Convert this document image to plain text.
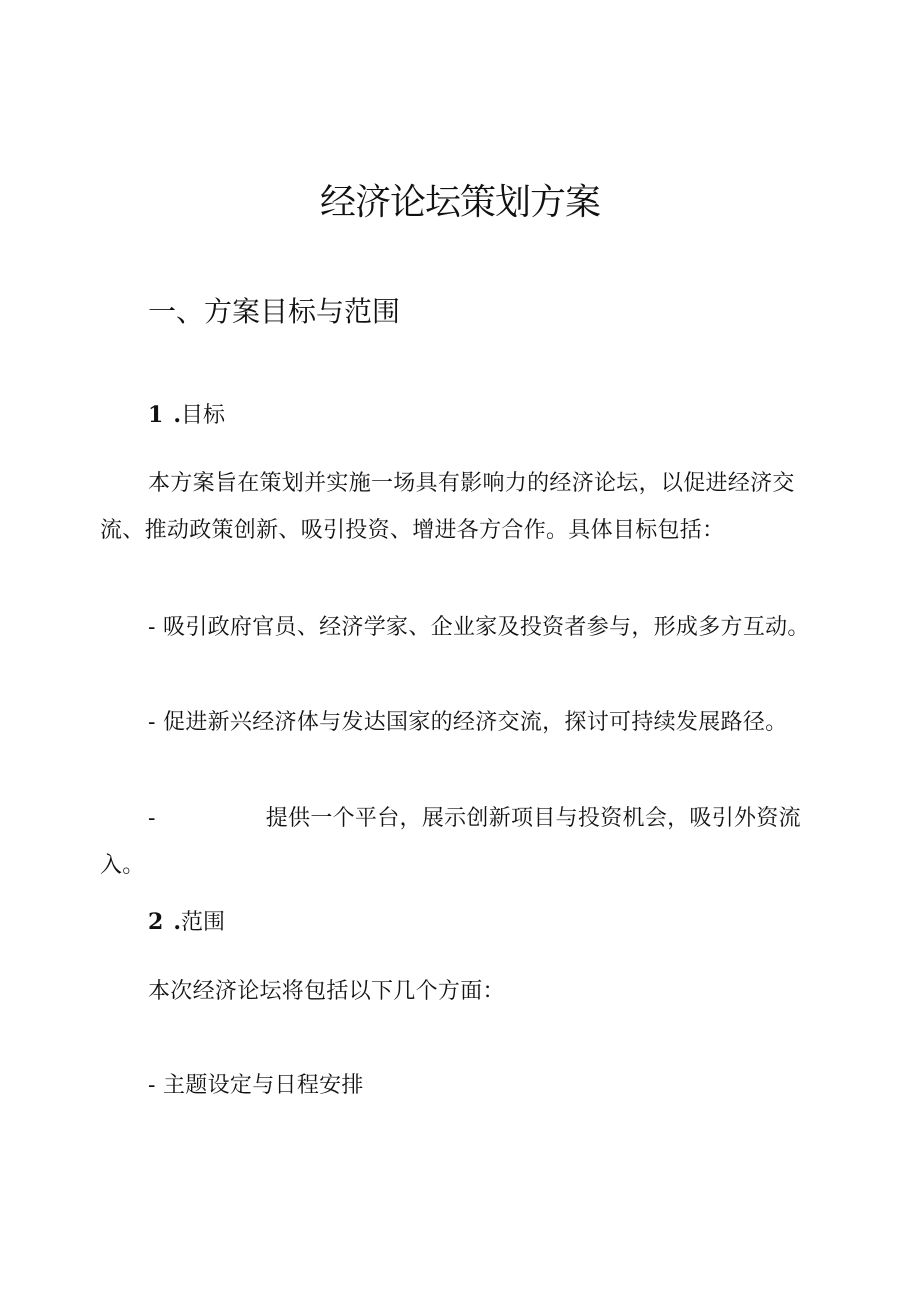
经济论坛策划方案
一、方案目标与范围
1 .目标
本方案旨在策划并实施一场具有影响力的经济论坛，以促进经济交流、推动政策创新、吸引投资、增进各方合作。具体目标包括：
- 吸引政府官员、经济学家、企业家及投资者参与，形成多方互动。
- 促进新兴经济体与发达国家的经济交流，探讨可持续发展路径。
-	提供一个平台，展示创新项目与投资机会，吸引外资流入。
2 .范围
本次经济论坛将包括以下几个方面：
- 主题设定与日程安排
